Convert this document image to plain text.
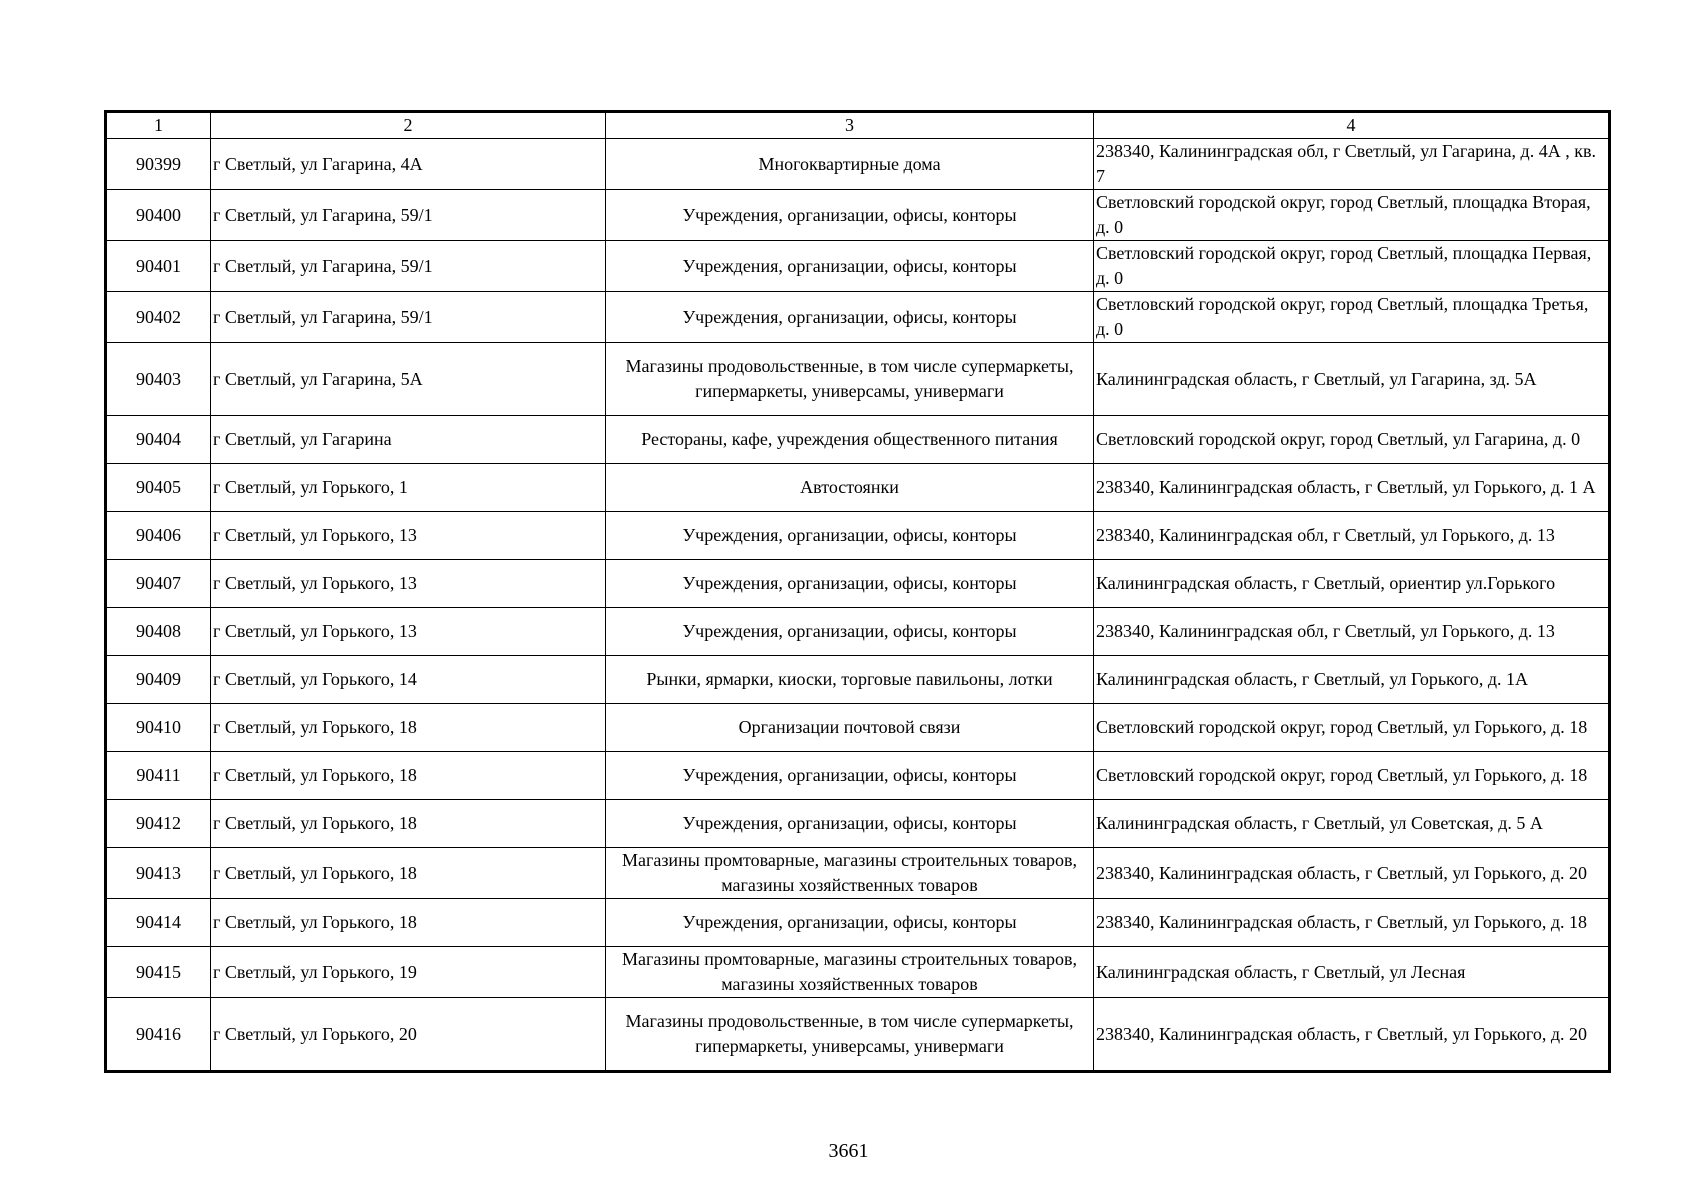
1	2	3	4
90399	г Светлый, ул Гагарина, 4А	Многоквартирные дома	238340, Калининградская обл, г Светлый, ул Гагарина, д. 4А , кв. 7
90400	г Светлый, ул Гагарина, 59/1	Учреждения, организации, офисы, конторы	Светловский городской округ, город Светлый, площадка Вторая, д. 0
90401	г Светлый, ул Гагарина, 59/1	Учреждения, организации, офисы, конторы	Светловский городской округ, город Светлый, площадка Первая, д. 0
90402	г Светлый, ул Гагарина, 59/1	Учреждения, организации, офисы, конторы	Светловский городской округ, город Светлый, площадка Третья, д. 0
90403	г Светлый, ул Гагарина, 5А	Магазины продовольственные, в том числе супермаркеты, гипермаркеты, универсамы, универмаги	Калининградская область, г Светлый, ул Гагарина, зд. 5А
90404	г Светлый, ул Гагарина	Рестораны, кафе, учреждения общественного питания	Светловский городской округ, город Светлый, ул Гагарина, д. 0
90405	г Светлый, ул Горького, 1	Автостоянки	238340, Калининградская область, г Светлый, ул Горького, д. 1 А
90406	г Светлый, ул Горького, 13	Учреждения, организации, офисы, конторы	238340, Калининградская обл, г Светлый, ул Горького, д. 13
90407	г Светлый, ул Горького, 13	Учреждения, организации, офисы, конторы	Калининградская область, г Светлый, ориентир ул.Горького
90408	г Светлый, ул Горького, 13	Учреждения, организации, офисы, конторы	238340, Калининградская обл, г Светлый, ул Горького, д. 13
90409	г Светлый, ул Горького, 14	Рынки, ярмарки, киоски, торговые павильоны, лотки	Калининградская область, г Светлый, ул Горького, д. 1А
90410	г Светлый, ул Горького, 18	Организации почтовой связи	Светловский городской округ, город Светлый, ул Горького, д. 18
90411	г Светлый, ул Горького, 18	Учреждения, организации, офисы, конторы	Светловский городской округ, город Светлый, ул Горького, д. 18
90412	г Светлый, ул Горького, 18	Учреждения, организации, офисы, конторы	Калининградская область, г Светлый, ул Советская, д. 5 А
90413	г Светлый, ул Горького, 18	Магазины промтоварные, магазины строительных товаров, магазины хозяйственных товаров	238340, Калининградская область, г Светлый, ул Горького, д. 20
90414	г Светлый, ул Горького, 18	Учреждения, организации, офисы, конторы	238340, Калининградская область, г Светлый, ул Горького, д. 18
90415	г Светлый, ул Горького, 19	Магазины промтоварные, магазины строительных товаров, магазины хозяйственных товаров	Калининградская область, г Светлый, ул Лесная
90416	г Светлый, ул Горького, 20	Магазины продовольственные, в том числе супермаркеты, гипермаркеты, универсамы, универмаги	238340, Калининградская область, г Светлый, ул Горького, д. 20
3661
